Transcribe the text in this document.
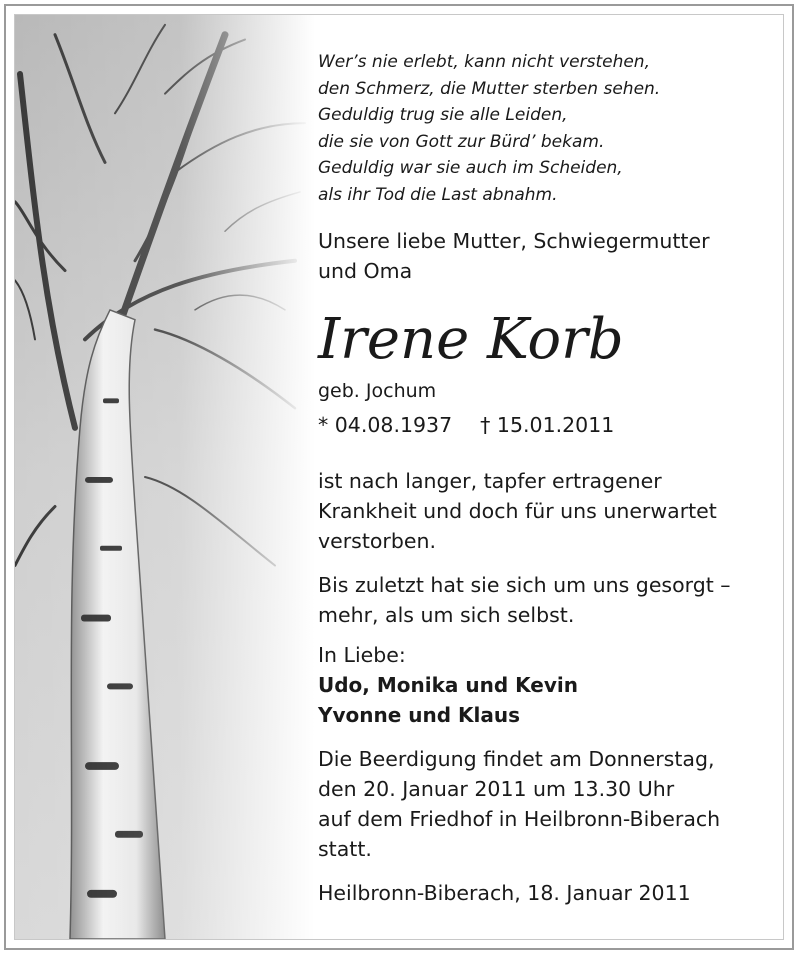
Wer’s nie erlebt, kann nicht verstehen,
den Schmerz, die Mutter sterben sehen.
Geduldig trug sie alle Leiden,
die sie von Gott zur Bürd’ bekam.
Geduldig war sie auch im Scheiden,
als ihr Tod die Last abnahm.
Unsere liebe Mutter, Schwiegermutter
und Oma
Irene Korb
geb. Jochum
* 04.08.1937 † 15.01.2011
ist nach langer, tapfer ertragener
Krankheit und doch für uns unerwartet
verstorben.
Bis zuletzt hat sie sich um uns gesorgt –
mehr, als um sich selbst.
In Liebe:
Udo, Monika und Kevin
Yvonne und Klaus
Die Beerdigung findet am Donnerstag,
den 20. Januar 2011 um 13.30 Uhr
auf dem Friedhof in Heilbronn-Biberach
statt.
Heilbronn-Biberach, 18. Januar 2011
